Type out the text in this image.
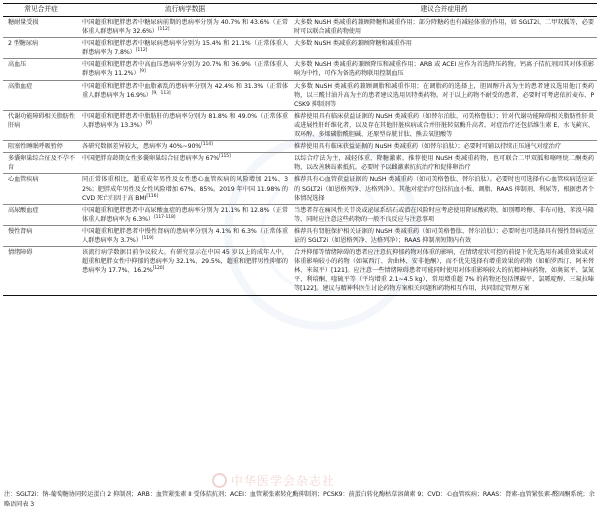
常见合并症	流行病学数据	建议合并症用药
糖耐量受损	中国超重和肥胖患者中糖尿病前期的患病率分别为 40.7% 和 43.6%（正常体重人群患病率为 32.6%）[112]	大多数 NuSH 类减重药兼顾降糖和减重作用；部分降糖药也有减轻体重的作用，如 SGLT2i、二甲双胍等，必要时可以联合减重药物使用
2 型糖尿病	中国超重和肥胖患者中糖尿病患病率分别为 15.4% 和 21.1%（正常体重人群患病率为 7.8%）[112]	大多数 NuSH 类减重药兼顾降糖和减重作用
高血压	中国超重和肥胖患者中高血压患病率分别为 20.7% 和 36.9%（正常体重人群患病率为 11.2%）[9]	大多数 NuSH 类减重药兼顾降压和减重作用；ARB 或 ACEI 应作为首选降压药物。钙离子拮抗剂因其对体重影响为中性，可作为备选药物联用控制血压
高脂血症	中国超重和肥胖患者中血脂紊乱的患病率分别为 42.4% 和 31.3%（正常体重人群患病率为 16.9%）[9，113]	大多数 NuSH 类减重药兼顾调脂和减重作用；在调脂药的选择上，胆固醇升高为主的患者建议选用他汀类药物，以三酰甘油升高为主的患者建议选用贝特类药物。对于以上药物不耐受的患者，必要时可考虑依折麦布、PCSK9 抑制剂等
代谢功能障碍相关脂肪性肝病	中国超重和肥胖患者中脂肪肝的患病率分别为 81.8% 和 49.0%（正常体重人群患病率为 13.3%）[9]	推荐使用具有临床获益证据的 NuSH 类减重药（如替尔泊肽、司美格鲁肽）；针对代谢功能障碍相关脂肪性肝炎或进展性肝纤维化者，以及存在其他肝脏疾病或合并肝脏转氨酶升高者，对症治疗还包括维生素 E、水飞蓟宾、双环醇、多烯磷脂酰胆碱、还原型谷胱甘肽、熊去氧胆酸等
阻塞性睡眠呼吸暂停	各研究数据差异较大，患病率为 40%~90%[114]	推荐使用具有临床获益证据的 NuSH 类减重药（如替尔泊肽）；必要时可辅以持续正压通气对症治疗
多囊卵巢综合征及不孕不育	中国肥胖育龄期女性多囊卵巢综合征患病率为 67%[115]	以综合疗法为主，减轻体重、降糖激素。推荐使用 NuSH 类减重药物，也可联合二甲双胍和噻唑烷二酮类药物，以改善胰岛素抵抗。必要时予以雌激素抗抗治疗和促排卵治疗
心血管疾病	同正常体重相比，超重成年男性及女性患心血管疾病的风险增加 21%、32%；肥胖成年男性及女性风险增加 67%、85%。2019 年中国 11.98% 的 CVD 死亡归因于高 BMI[116]	推荐具有心血管获益证据的 NuSH 类减重药（如司美格鲁肽、替尔泊肽）。必要时也可选择有心血管疾病适应证的 SGLT2i（如恩格列净、达格列净）。其他对症治疗包括抗血小板、调脂、RAAS 抑制剂、利尿等，根据患者个体情况选择
高尿酸血症	中国超重和肥胖患者中高尿酸血症的患病率分别为 21.1% 和 12.8%（正常体重人群患病率为 6.3%）[117-118]	当患者存在痛风性关节炎或泌尿系结石或潜在风险时应考虑使用降尿酸药物，如别嘌呤醇、非布司他、苯溴马隆等，同时应注意这些药物的一般不良反应与注意事项
慢性肾病	中国超重和肥胖患者中慢性肾病的患病率分别为 4.1% 和 6.3%（正常体重人群患病率为 3.7%）[119]	推荐具有肾脏保护相关证据的 NuSH 类减重药（如司美格鲁肽、替尔泊肽）；必要时也可选择具有慢性肾病适应证的 SGLT2i（如恩格列净、达格列净）；RAAS 抑制剂短期内有效
情绪障碍	该流行病学数据目前争议较大。有研究显示在中国 45 岁以上的成年人中，超重和肥胖女性中抑郁的患病率为 32.1%、29.5%，超重和肥胖男性抑郁的患病率为 17.7%、16.2%[120]	合并抑郁等情绪障碍的患者应注意抗抑郁药物对体重的影响，在情绪症状可控的前提下优先选用有减重效果或对体重影响较小的药物（如氟西汀、舍曲林、安非他酮），而不优先选择有增重效果的药物（如帕罗西汀、阿米替林、米氮平）[121]。应注意一些情绪障碍患者可能同时使用对体重影响较大的抗精神病药物，如奥氮平、氯氮平、利培酮、喹硫平等（平均增重 2.1~4.5 kg），常用增重超 7% 的药物还包括锂碳平、氯哌啶醇、三氟拉嗪等[122]。建议与精神科医生讨论药物方案相关问题和药物相互作用，共同制定管理方案
注：SGLT2i：钠-葡萄糖协同转运蛋白 2 抑制剂；ARB：血管紧张素 II 受体拮抗剂；ACEI：血管紧张素转化酶抑制剂；PCSK9：前蛋白转化酶枯草溶菌素 9；CVD：心血管疾病；RAAS：肾素-血管紧张素-醛固酮系统；余略语同表 3
中华医学会杂志社
